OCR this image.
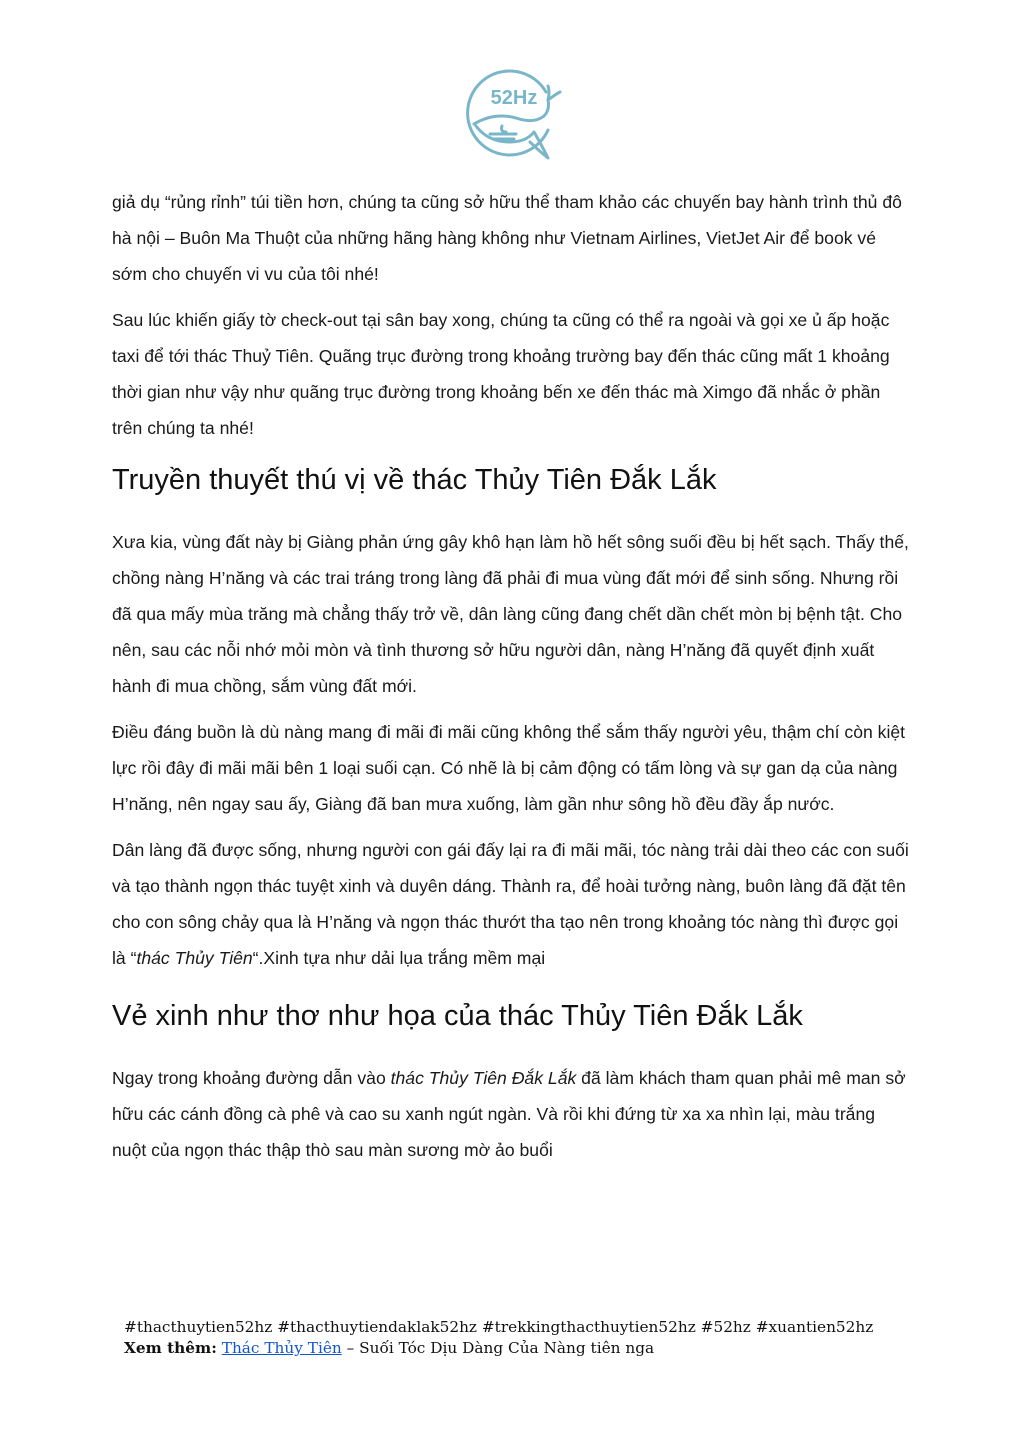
52Hz

giả dụ “rủng rỉnh” túi tiền hơn, chúng ta cũng sở hữu thể tham khảo các chuyến bay hành trình thủ đô hà nội – Buôn Ma Thuột của những hãng hàng không như Vietnam Airlines, VietJet Air để book vé sớm cho chuyến vi vu của tôi nhé!

Sau lúc khiến giấy tờ check-out tại sân bay xong, chúng ta cũng có thể ra ngoài và gọi xe ủ ấp hoặc taxi để tới thác Thuỷ Tiên. Quãng trục đường trong khoảng trường bay đến thác cũng mất 1 khoảng thời gian như vậy như quãng trục đường trong khoảng bến xe đến thác mà Ximgo đã nhắc ở phần trên chúng ta nhé!

Truyền thuyết thú vị về thác Thủy Tiên Đắk Lắk

Xưa kia, vùng đất này bị Giàng phản ứng gây khô hạn làm hồ hết sông suối đều bị hết sạch. Thấy thế, chồng nàng H’năng và các trai tráng trong làng đã phải đi mua vùng đất mới để sinh sống. Nhưng rồi đã qua mấy mùa trăng mà chẳng thấy trở về, dân làng cũng đang chết dần chết mòn bị bệnh tật. Cho nên, sau các nỗi nhớ mỏi mòn và tình thương sở hữu người dân, nàng H’năng đã quyết định xuất hành đi mua chồng, sắm vùng đất mới.

Điều đáng buồn là dù nàng mang đi mãi đi mãi cũng không thể sắm thấy người yêu, thậm chí còn kiệt lực rồi đây đi mãi mãi bên 1 loại suối cạn. Có nhẽ là bị cảm động có tấm lòng và sự gan dạ của nàng H’năng, nên ngay sau ấy, Giàng đã ban mưa xuống, làm gần như sông hồ đều đầy ắp nước.

Dân làng đã được sống, nhưng người con gái đấy lại ra đi mãi mãi, tóc nàng trải dài theo các con suối và tạo thành ngọn thác tuyệt xinh và duyên dáng. Thành ra, để hoài tưởng nàng, buôn làng đã đặt tên cho con sông chảy qua là H’năng và ngọn thác thướt tha tạo nên trong khoảng tóc nàng thì được gọi là “thác Thủy Tiên“.Xinh tựa như dải lụa trắng mềm mại

Vẻ xinh như thơ như họa của thác Thủy Tiên Đắk Lắk

Ngay trong khoảng đường dẫn vào thác Thủy Tiên Đắk Lắk đã làm khách tham quan phải mê man sở hữu các cánh đồng cà phê và cao su xanh ngút ngàn. Và rồi khi đứng từ xa xa nhìn lại, màu trắng nuột của ngọn thác thập thò sau màn sương mờ ảo buổi

#thacthuytien52hz #thacthuytiendaklak52hz #trekkingthacthuytien52hz #52hz #xuantien52hz
Xem thêm: Thác Thủy Tiên – Suối Tóc Dịu Dàng Của Nàng tiên nga
